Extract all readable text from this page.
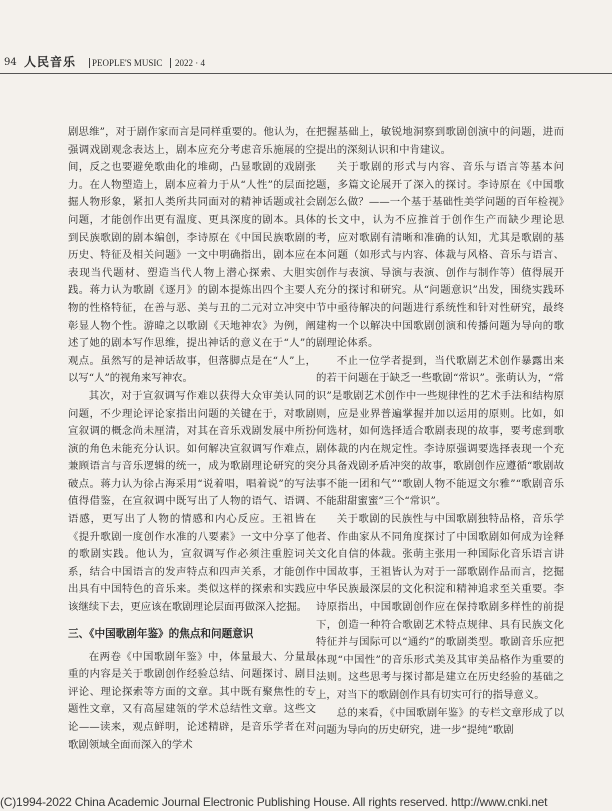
94 人民音乐 PEOPLE'S MUSIC 2022 · 4

剧思维”，对于剧作家而言是同样重要的。他认为，在强调戏剧观念表达上，剧本应充分考虑音乐施展的空间，反之也要避免歌曲化的堆砌，凸显歌剧的戏剧张力。在人物塑造上，剧本应着力于从“人性”的层面挖掘人物形象，紧扣人类所共同面对的精神话题或社会问题，才能创作出更有温度、更具深度的剧本。具体到民族歌剧的剧本编创，李诗原在《中国民族歌剧的历史、特征及相关问题》一文中明确指出，剧本应在表现当代题材、塑造当代人物上潜心探索、大胆实践。蒋力认为歌剧《逐月》的剧本提炼出四个主要人物的性格特征，在善与恶、美与丑的二元对立冲突中彰显人物个性。游暐之以歌剧《天地神农》为例，阐述了她的剧本写作思维，提出神话的意义在于“人”的观点。虽然写的是神话故事，但落脚点是在“人”上，以写“人”的视角来写神农。

其次，对于宣叙调写作难以获得大众审美认同的问题，不少理论评论家指出问题的关键在于，对歌剧宣叙调的概念尚未厘清，对其在音乐戏剧发展中所扮演的角色未能充分认识。如何解决宣叙调写作难点，兼顾语言与音乐逻辑的统一，成为歌剧理论研究的突破点。蒋力认为徐占海采用“说着唱，唱着说”的写法值得借鉴，在宣叙调中既写出了人物的语气、语调、语感，更写出了人物的情感和内心反应。王祖皆在《提升歌剧一度创作水准的八要素》一文中分享了他的歌剧实践。他认为，宣叙调写作必须注重腔词关系，结合中国语言的发声特点和四声关系，才能创作出具有中国特色的音乐来。类似这样的探索和实践应该继续下去，更应该在歌剧理论层面再做深入挖掘。

三、《中国歌剧年鉴》的焦点和问题意识

在两卷《中国歌剧年鉴》中，体量最大、分量最重的内容是关于歌剧创作经验总结、问题探讨、剧目评论、理论探索等方面的文章。其中既有聚焦性的专题性文章，又有高屋建瓴的学术总结性文章。这些文论——读来，观点鲜明，论述精辟，是音乐学者在对歌剧领域全面而深入的学术

把握基础上，敏锐地洞察到歌剧创演中的问题，进而提出的深刻认识和中肯建议。

关于歌剧的形式与内容、音乐与语言等基本问题，多篇文论展开了深入的探讨。李诗原在《中国歌剧怎么做？——一个基于基础性美学问题的百年检视》的长文中，认为不应推首于创作生产而缺少理论思考，应对歌剧有清晰和准确的认知，尤其是歌剧的基本问题（如形式与内容、体裁与风格、音乐与语言、创作与表演、导演与表演、创作与制作等）值得展开充分的探讨和研究。从“问题意识”出发，围绕实践环节中亟待解决的问题进行系统性和针对性研究，最终建构一个以解决中国歌剧创演和传播问题为导向的歌剧理论体系。

不止一位学者提到，当代歌剧艺术创作暴露出来的若干问题在于缺乏一些歌剧“常识”。张萌认为，“常识”是歌剧艺术创作中一些规律性的艺术手法和结构原则，应是业界普遍掌握并加以运用的原则。比如，如何选材，如何选择适合歌剧表现的故事，要考虑到歌剧体裁的内在规定性。李诗原强调要选择表现一个充分具备戏剧矛盾冲突的故事，歌剧创作应遵循“歌剧故事不能一团和气”“歌剧人物不能逗文尔雅”“歌剧音乐不能甜甜蜜蜜”三个“常识”。

关于歌剧的民族性与中国歌剧独特品格，音乐学者、作曲家从不同角度探讨了中国歌剧如何成为诠释文化自信的体裁。张萌主张用一种国际化音乐语言讲中国故事，王祖皆认为对于一部歌剧作品而言，挖掘中华民族最深层的文化积淀和精神追求至关重要。李诗原指出，中国歌剧创作应在保持歌剧多样性的前提下，创造一种符合歌剧艺术特点规律、具有民族文化特征并与国际可以“通约”的歌剧类型。歌剧音乐应把体现“中国性”的音乐形式美及其审美品格作为重要的法则。这些思考与探讨都是建立在历史经验的基础之上，对当下的歌剧创作具有切实可行的指导意义。

总的来看，《中国歌剧年鉴》的专栏文章形成了以问题为导向的历史研究，进一步“提纯”歌剧

(C)1994-2022 China Academic Journal Electronic Publishing House. All rights reserved. http://www.cnki.net
